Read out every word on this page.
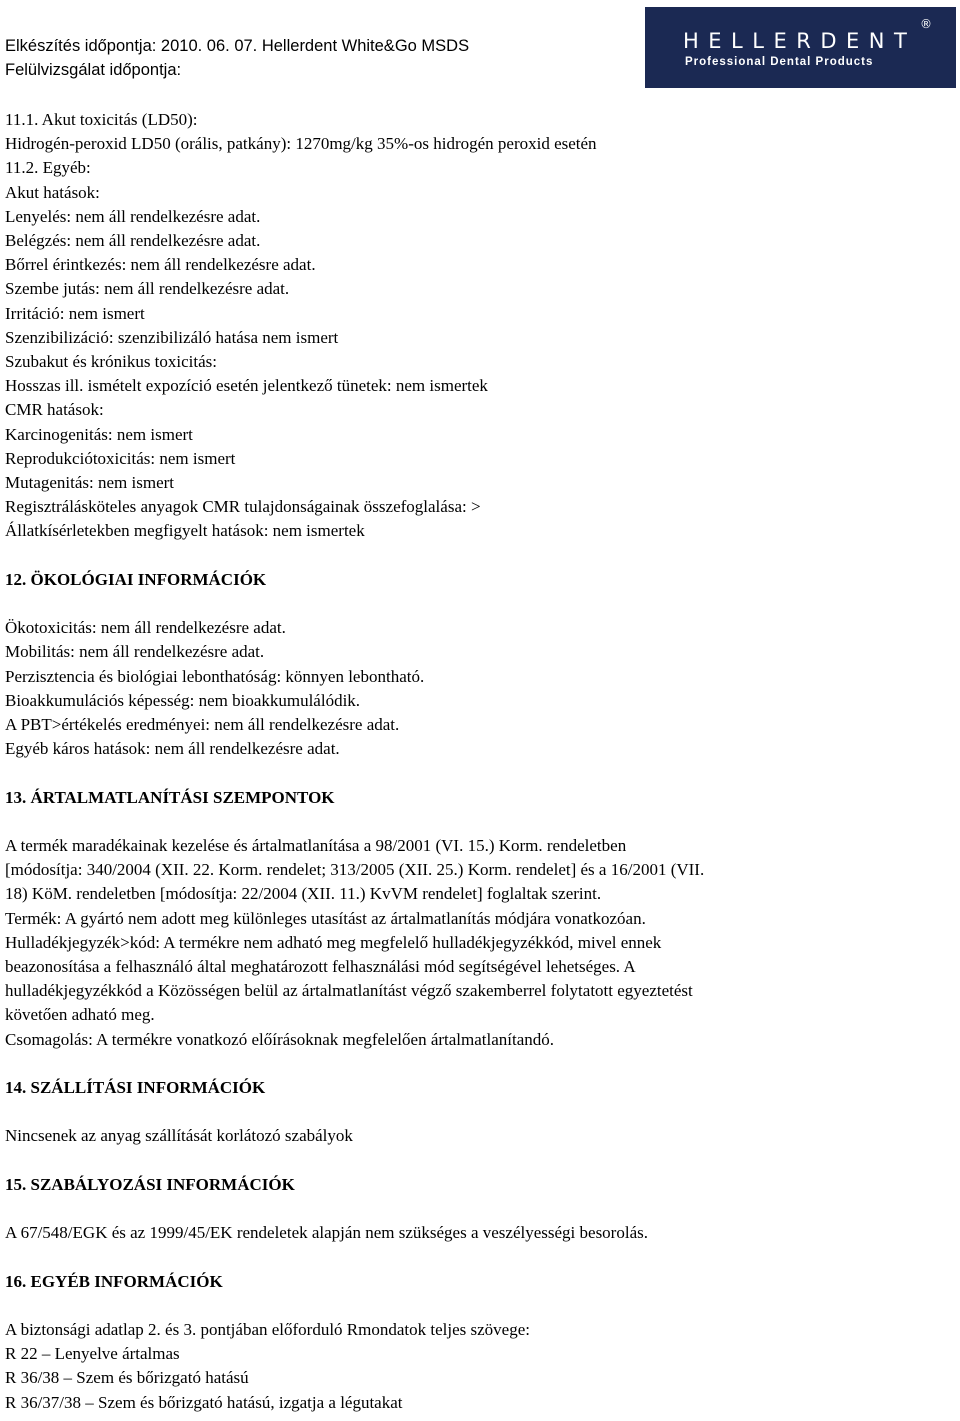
Elkészítés időpontja: 2010. 06. 07. Hellerdent White&Go MSDS
Felülvizsgálat időpontja:
HELLERDENT
®
Professional Dental Products
11.1. Akut toxicitás (LD50):
Hidrogén-peroxid LD50 (orális, patkány): 1270mg/kg 35%-os hidrogén peroxid esetén
11.2. Egyéb:
Akut hatások:
Lenyelés: nem áll rendelkezésre adat.
Belégzés: nem áll rendelkezésre adat.
Bőrrel érintkezés: nem áll rendelkezésre adat.
Szembe jutás: nem áll rendelkezésre adat.
Irritáció: nem ismert
Szenzibilizáció: szenzibilizáló hatása nem ismert
Szubakut és krónikus toxicitás:
Hosszas ill. ismételt expozíció esetén jelentkező tünetek: nem ismertek
CMR hatások:
Karcinogenitás: nem ismert
Reprodukciótoxicitás: nem ismert
Mutagenitás: nem ismert
Regisztrálásköteles anyagok CMR tulajdonságainak összefoglalása: >
Állatkísérletekben megfigyelt hatások: nem ismertek
12. ÖKOLÓGIAI INFORMÁCIÓK
Ökotoxicitás: nem áll rendelkezésre adat.
Mobilitás: nem áll rendelkezésre adat.
Perzisztencia és biológiai lebonthatóság: könnyen lebontható.
Bioakkumulációs képesség: nem bioakkumulálódik.
A PBT>értékelés eredményei: nem áll rendelkezésre adat.
Egyéb káros hatások: nem áll rendelkezésre adat.
13. ÁRTALMATLANÍTÁSI SZEMPONTOK
A termék maradékainak kezelése és ártalmatlanítása a 98/2001 (VI. 15.) Korm. rendeletben
[módosítja: 340/2004 (XII. 22. Korm. rendelet; 313/2005 (XII. 25.) Korm. rendelet] és a 16/2001 (VII.
18) KöM. rendeletben [módosítja: 22/2004 (XII. 11.) KvVM rendelet] foglaltak szerint.
Termék: A gyártó nem adott meg különleges utasítást az ártalmatlanítás módjára vonatkozóan.
Hulladékjegyzék>kód: A termékre nem adható meg megfelelő hulladékjegyzékkód, mivel ennek
beazonosítása a felhasználó által meghatározott felhasználási mód segítségével lehetséges. A
hulladékjegyzékkód a Közösségen belül az ártalmatlanítást végző szakemberrel folytatott egyeztetést
követően adható meg.
Csomagolás: A termékre vonatkozó előírásoknak megfelelően ártalmatlanítandó.
14. SZÁLLÍTÁSI INFORMÁCIÓK
Nincsenek az anyag szállítását korlátozó szabályok
15. SZABÁLYOZÁSI INFORMÁCIÓK
A 67/548/EGK és az 1999/45/EK rendeletek alapján nem szükséges a veszélyességi besorolás.
16. EGYÉB INFORMÁCIÓK
A biztonsági adatlap 2. és 3. pontjában előforduló Rmondatok teljes szövege:
R 22 – Lenyelve ártalmas
R 36/38 – Szem és bőrizgató hatású
R 36/37/38 – Szem és bőrizgató hatású, izgatja a légutakat
